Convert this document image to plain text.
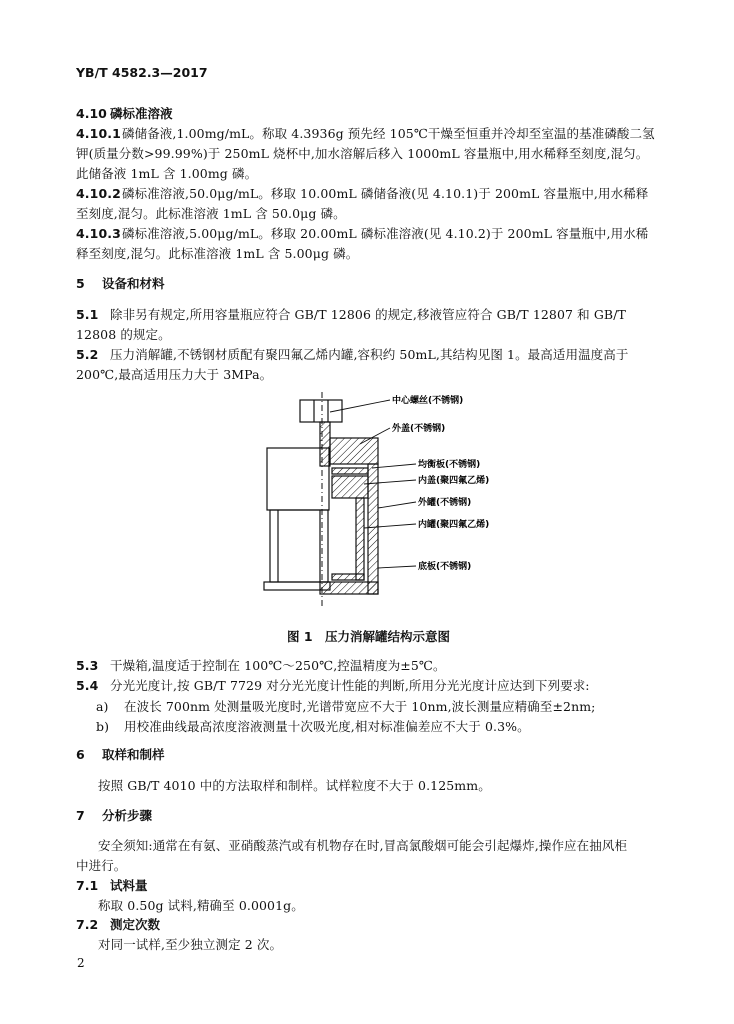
YB/T 4582.3—2017
4.10 磷标准溶液
4.10.1磷储备液,1.00mg/mL。称取 4.3936g 预先经 105℃干燥至恒重并冷却至室温的基准磷酸二氢
钾(质量分数>99.99%)于 250mL 烧杯中,加水溶解后移入 1000mL 容量瓶中,用水稀释至刻度,混匀。
此储备液 1mL 含 1.00mg 磷。
4.10.2磷标准溶液,50.0μg/mL。移取 10.00mL 磷储备液(见 4.10.1)于 200mL 容量瓶中,用水稀释
至刻度,混匀。此标准溶液 1mL 含 50.0μg 磷。
4.10.3磷标准溶液,5.00μg/mL。移取 20.00mL 磷标准溶液(见 4.10.2)于 200mL 容量瓶中,用水稀
释至刻度,混匀。此标准溶液 1mL 含 5.00μg 磷。
5 设备和材料
5.1 除非另有规定,所用容量瓶应符合 GB/T 12806 的规定,移液管应符合 GB/T 12807 和 GB/T
12808 的规定。
5.2 压力消解罐,不锈钢材质配有聚四氟乙烯内罐,容积约 50mL,其结构见图 1。最高适用温度高于
200℃,最高适用压力大于 3MPa。
中心螺丝(不锈钢)
外盖(不锈钢)
均衡板(不锈钢)
内盖(聚四氟乙烯)
外罐(不锈钢)
内罐(聚四氟乙烯)
底板(不锈钢)
图 1　压力消解罐结构示意图
5.3 干燥箱,温度适于控制在 100℃～250℃,控温精度为±5℃。
5.4 分光光度计,按 GB/T 7729 对分光光度计性能的判断,所用分光光度计应达到下列要求:
a) 在波长 700nm 处测量吸光度时,光谱带宽应不大于 10nm,波长测量应精确至±2nm;
b) 用校准曲线最高浓度溶液测量十次吸光度,相对标准偏差应不大于 0.3%。
6 取样和制样
按照 GB/T 4010 中的方法取样和制样。试样粒度不大于 0.125mm。
7 分析步骤
安全须知:通常在有氨、亚硝酸蒸汽或有机物存在时,冒高氯酸烟可能会引起爆炸,操作应在抽风柜
中进行。
7.1 试料量
称取 0.50g 试料,精确至 0.0001g。
7.2 测定次数
对同一试样,至少独立测定 2 次。
2
